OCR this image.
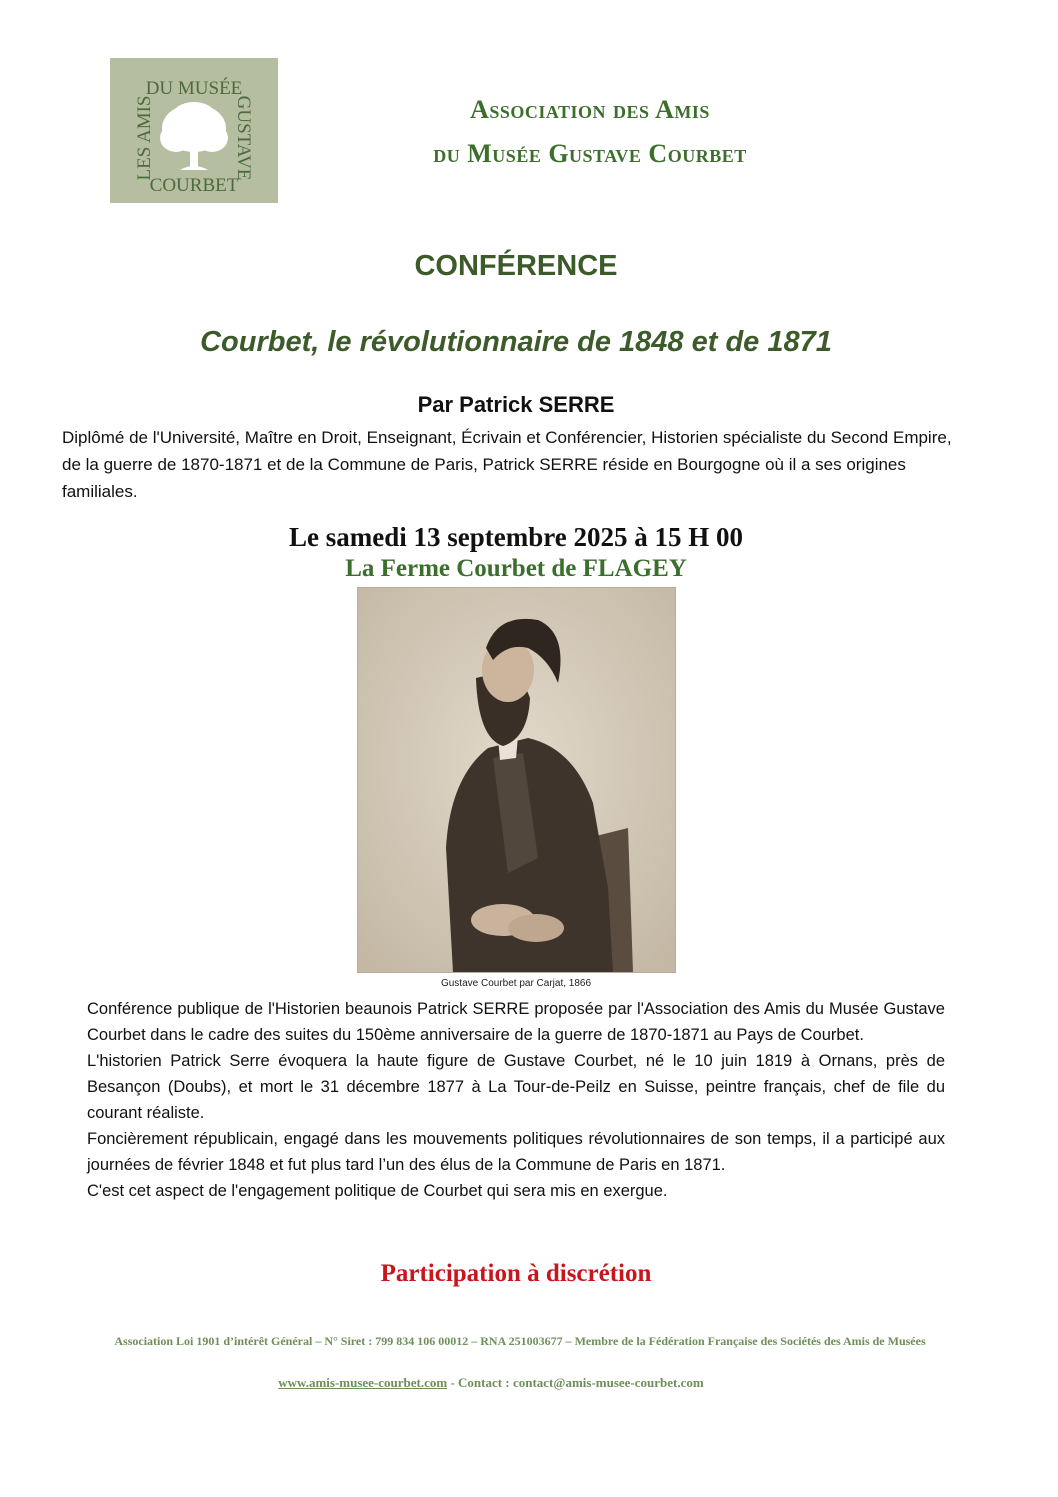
DU MUSÉE
COURBET
LES AMIS	GUSTAVE	Association des Amis
du Musée Gustave Courbet
CONFÉRENCE
Courbet, le révolutionnaire de 1848 et de 1871
Par Patrick SERRE
Diplômé de l'Université, Maître en Droit, Enseignant, Écrivain et Conférencier, Historien spécialiste du Second Empire, de la guerre de 1870-1871 et de la Commune de Paris, Patrick SERRE réside en Bourgogne où il a ses origines familiales.
Le samedi 13 septembre 2025 à 15 H 00
La Ferme Courbet de FLAGEY
Gustave Courbet par Carjat, 1866

Conférence publique de l'Historien beaunois Patrick SERRE proposée par l'Association des Amis du Musée Gustave Courbet dans le cadre des suites du 150ème anniversaire de la guerre de 1870-1871 au Pays de Courbet.

L'historien Patrick Serre évoquera la haute figure de Gustave Courbet, né le 10 juin 1819 à Ornans, près de Besançon (Doubs), et mort le 31 décembre 1877 à La Tour-de-Peilz en Suisse, peintre français, chef de file du courant réaliste.

Foncièrement républicain, engagé dans les mouvements politiques révolutionnaires de son temps, il a participé aux journées de février 1848 et fut plus tard l’un des élus de la Commune de Paris en 1871.

C'est cet aspect de l'engagement politique de Courbet qui sera mis en exergue.

Participation à discrétion
Association Loi 1901 d’intérêt Général – N° Siret : 799 834 106 00012 – RNA 251003677 – Membre de la Fédération Française des Sociétés des Amis de Musées
www.amis-musee-courbet.com - Contact : contact@amis-musee-courbet.com
